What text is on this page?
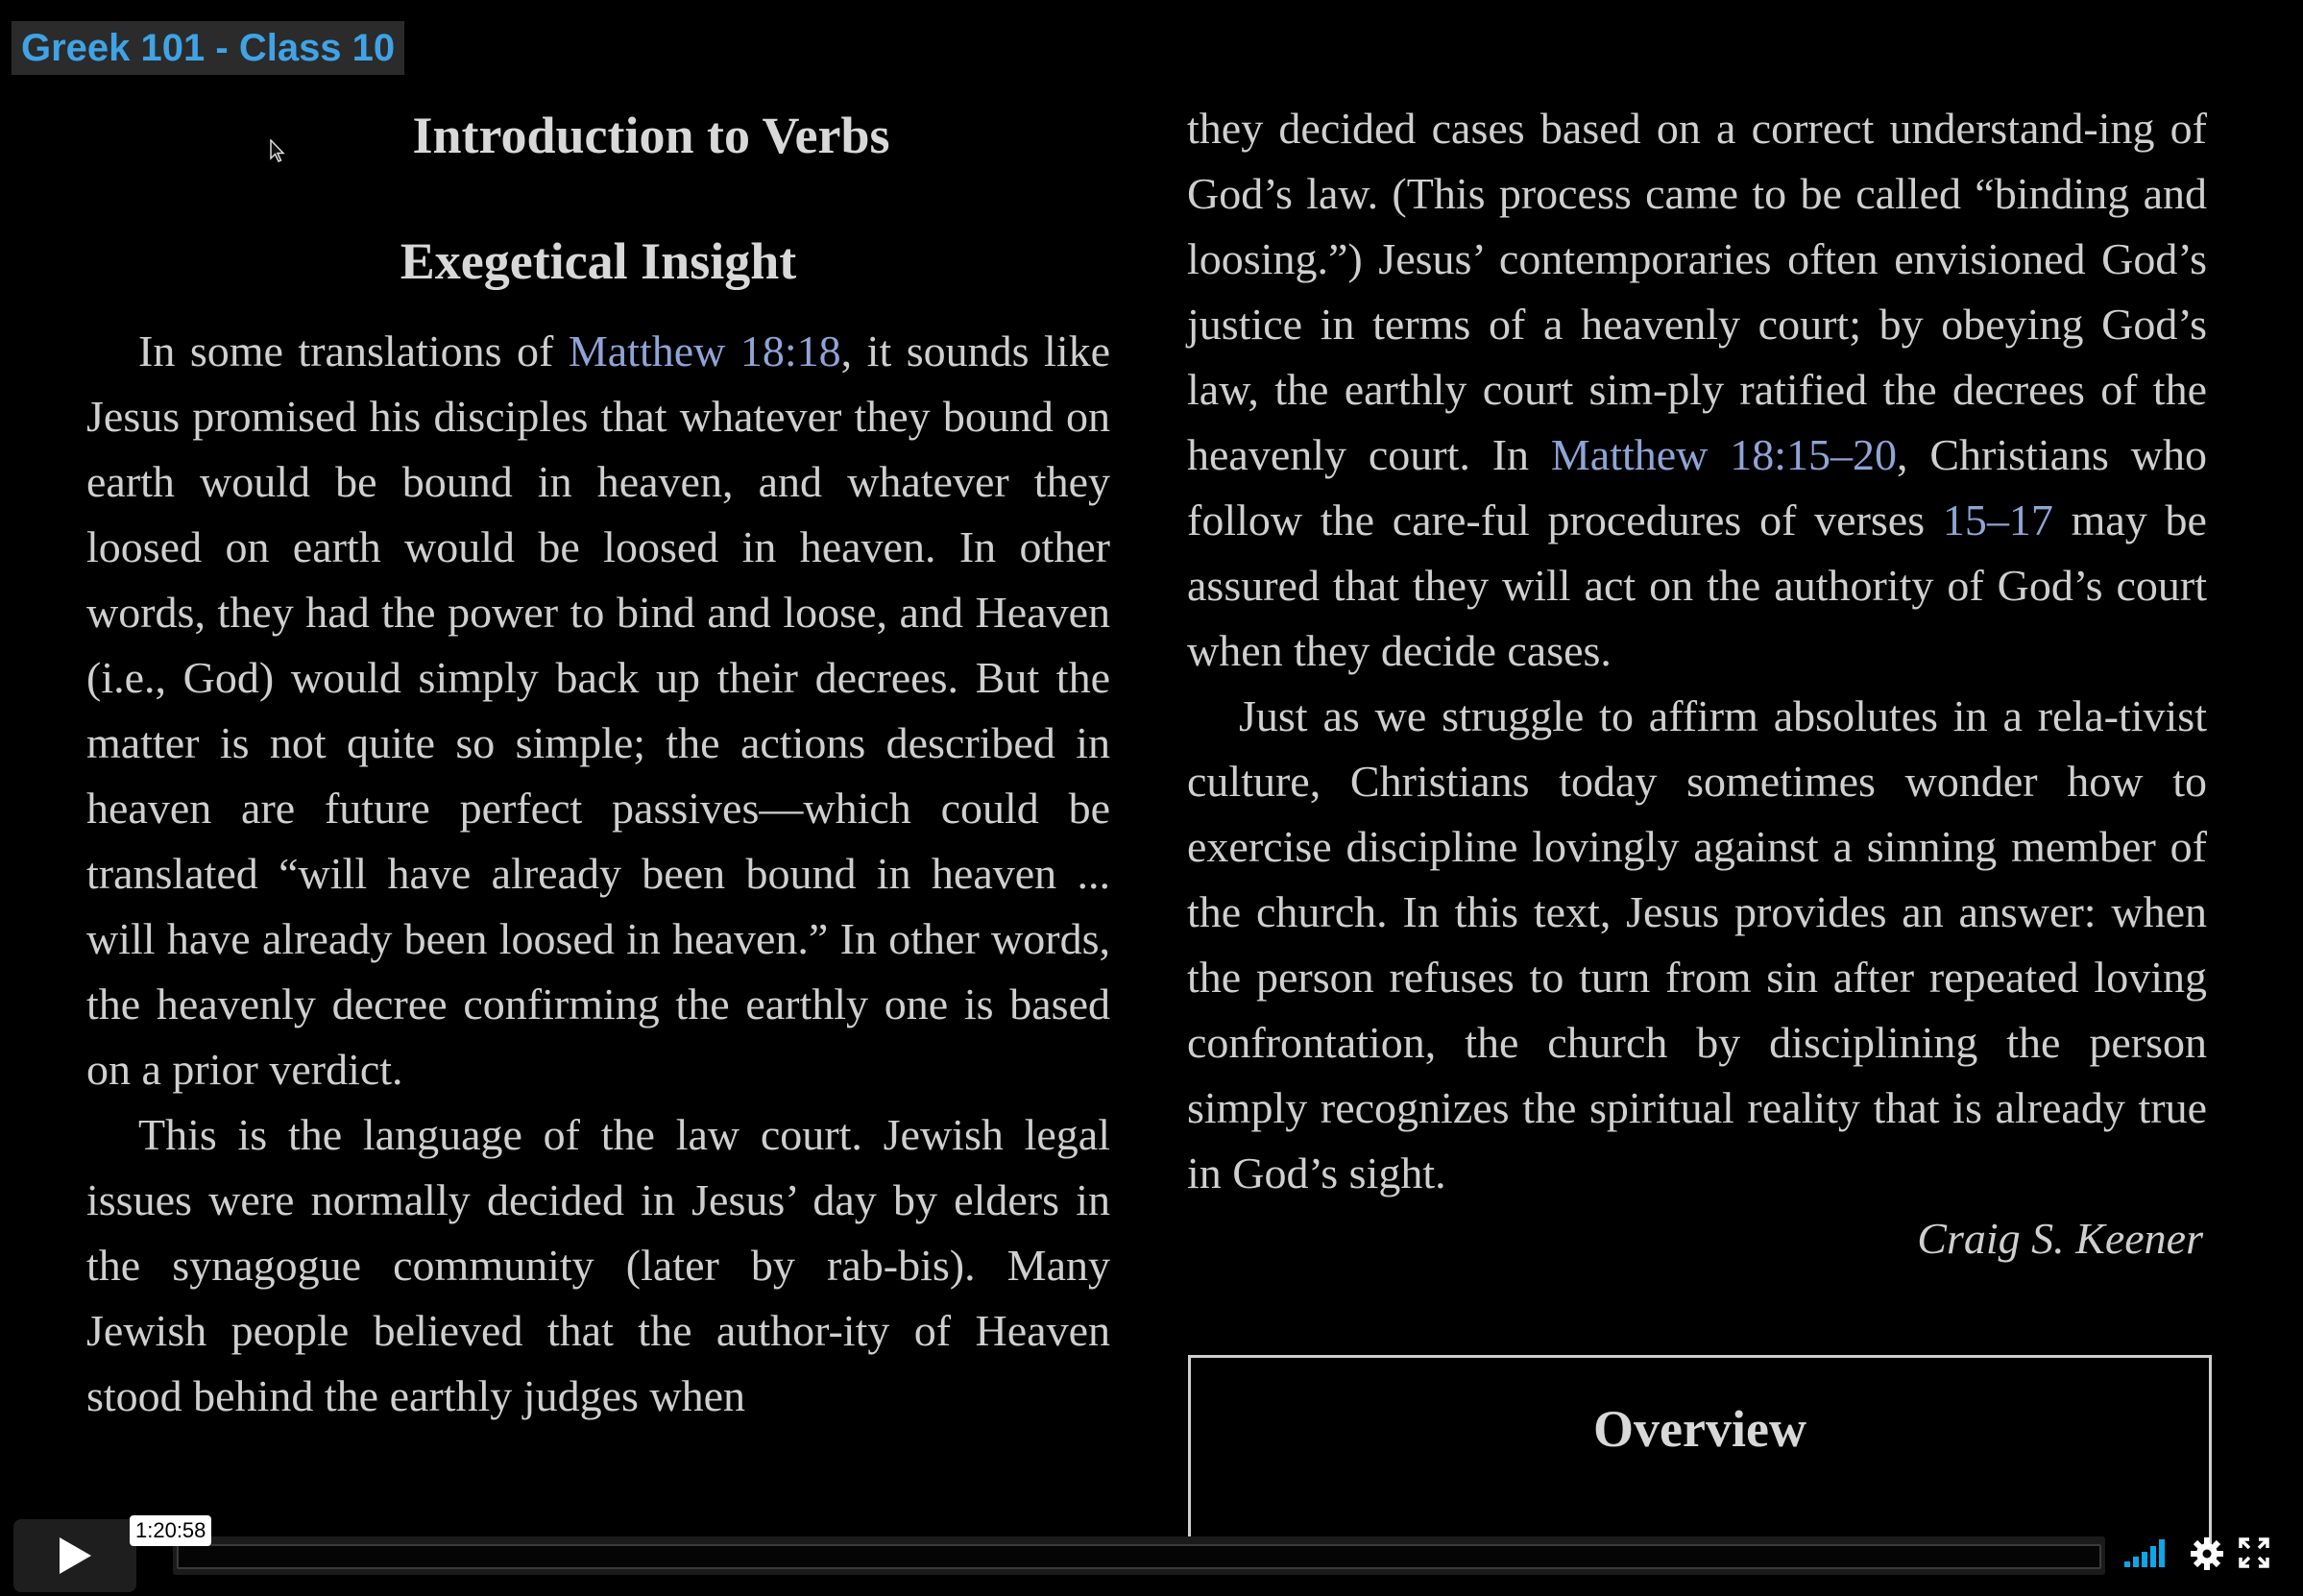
Greek 101 - Class 10
Introduction to Verbs
Exegetical Insight

In some translations of Matthew 18:18, it sounds like Jesus promised his disciples that whatever they bound on earth would be bound in heaven, and whatever they loosed on earth would be loosed in heaven. In other words, they had the power to bind and loose, and Heaven (i.e., God) would simply back up their decrees. But the matter is not quite so simple; the actions described in heaven are future perfect passives—which could be translated “will have already been bound in heaven ... will have already been loosed in heaven.” In other words, the heavenly decree confirming the earthly one is based on a prior verdict.

This is the language of the law court. Jewish legal issues were normally decided in Jesus’ day by elders in the synagogue community (later by rab-bis). Many Jewish people believed that the author-ity of Heaven stood behind the earthly judges when

they decided cases based on a correct understand-ing of God’s law. (This process came to be called “binding and loosing.”) Jesus’ contemporaries often envisioned God’s justice in terms of a heavenly court; by obeying God’s law, the earthly court sim-ply ratified the decrees of the heavenly court. In Matthew 18:15–20, Christians who follow the care-ful procedures of verses 15–17 may be assured that they will act on the authority of God’s court when they decide cases.

Just as we struggle to affirm absolutes in a rela-tivist culture, Christians today sometimes wonder how to exercise discipline lovingly against a sinning member of the church. In this text, Jesus provides an answer: when the person refuses to turn from sin after repeated loving confrontation, the church by disciplining the person simply recognizes the spiritual reality that is already true in God’s sight.

Craig S. Keener

Overview
1:20:58
